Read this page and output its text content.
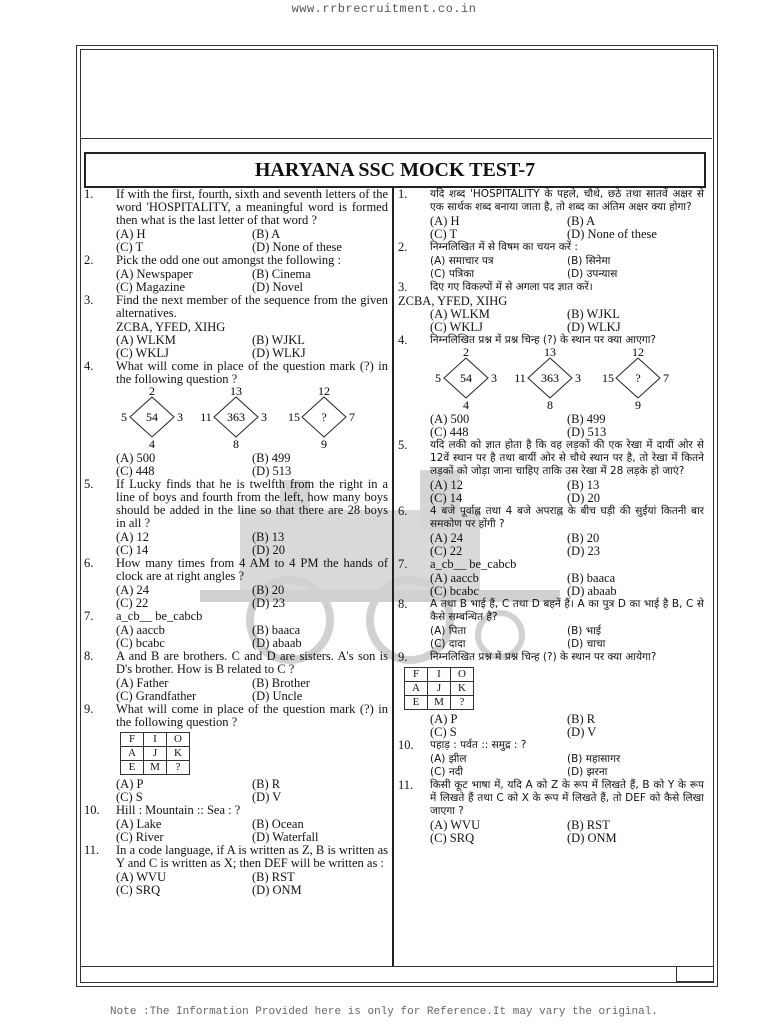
www.rrbrecruitment.co.in
HARYANA SSC MOCK TEST-7
1.	If with the first, fourth, sixth and seventh letters of the word 'HOSPITALITY, a meaningful word is formed then what is the last letter of that word ?
(A) H	(B) A
(C) T	(D) None of these
2.	Pick the odd one out amongst the following :
(A) Newspaper	(B) Cinema
(C) Magazine	(D) Novel
3.	Find the next member of the sequence from the given alternatives.
ZCBA, YFED, XIHG
(A) WLKM	(B) WJKL
(C) WKLJ	(D) WLKJ
4.	What will come in place of the question mark (?) in the following question ?
2
5 54 3
4
13
11 363 3
8
12
15 ? 7
9
(A) 500	(B) 499
(C) 448	(D) 513
5.	If Lucky finds that he is twelfth from the right in a line of boys and fourth from the left, how many boys should be added in the line so that there are 28 boys in all ?
(A) 12	(B) 13
(C) 14	(D) 20
6.	How many times from 4 AM to 4 PM the hands of clock are at right angles ?
(A) 24	(B) 20
(C) 22	(D) 23
7.	a_cb__ be_cabcb
(A) aaccb	(B) baaca
(C) bcabc	(D) abaab
8.	A and B are brothers. C and D are sisters. A's son is D's brother. How is B related to C ?
(A) Father	(B) Brother
(C) Grandfather	(D) Uncle
9.	What will come in place of the question mark (?) in the following question ?
F	I	O
A	J	K
E	M	?
(A) P	(B) R
(C) S	(D) V
10.	Hill : Mountain :: Sea : ?
(A) Lake	(B) Ocean
(C) River	(D) Waterfall
11.	In a code language, if A is written as Z, B is written as Y and C is written as X; then DEF will be written as :
(A) WVU	(B) RST
(C) SRQ	(D) ONM
1.	यदि शब्द 'HOSPITALITY के पहले, चौथे, छठे तथा सातवें अक्षर से एक सार्थक शब्द बनाया जाता है, तो शब्द का अंतिम अक्षर क्या होगा?
(A) H	(B) A
(C) T	(D) None of these
2.	निम्नलिखित में से विषम का चयन करें :
(A) समाचार पत्र	(B) सिनेमा
(C) पत्रिका	(D) उपन्यास
3.	दिए गए विकल्पों में से अगला पद ज्ञात करें।
ZCBA, YFED, XIHG
(A) WLKM	(B) WJKL
(C) WKLJ	(D) WLKJ
4.	निम्नलिखित प्रश्न में प्रश्न चिन्ह (?) के स्थान पर क्या आएगा?
2
5 54 3
4
13
11 363 3
8
12
15 ? 7
9
(A) 500	(B) 499
(C) 448	(D) 513
5.	यदि लकी को ज्ञात होता है कि वह लड़कों की एक रेखा में दायीं ओर से 12वें स्थान पर है तथा बायीं ओर से चौथे स्थान पर है, तो रेखा में कितने लड़कों को जोड़ा जाना चाहिए ताकि उस रेखा में 28 लड़के हो जाएं?
(A) 12	(B) 13
(C) 14	(D) 20
6.	4 बजे पूर्वाह्न तथा 4 बजे अपराह्न के बीच घड़ी की सुईयां कितनी बार समकोण पर होंगी ?
(A) 24	(B) 20
(C) 22	(D) 23
7.	a_cb__ be_cabcb
(A) aaccb	(B) baaca
(C) bcabc	(D) abaab
8.	A तथा B भाई हैं, C तथा D बहनें हैं। A का पुत्र D का भाई है B, C से कैसे सम्बन्धित है?
(A) पिता	(B) भाई
(C) दादा	(D) चाचा
9.	निम्नलिखित प्रश्न में प्रश्न चिन्ह (?) के स्थान पर क्या आयेगा?
F	I	O
A	J	K
E	M	?
(A) P	(B) R
(C) S	(D) V
10.	पहाड़ : पर्वत :: समुद्र : ?
(A) झील	(B) महासागर
(C) नदी	(D) झरना
11.	किसी कूट भाषा में, यदि A को Z के रूप में लिखते हैं, B को Y के रूप में लिखते हैं तथा C को X के रूप में लिखते हैं, तो DEF को कैसे लिखा जाएगा ?
(A) WVU	(B) RST
(C) SRQ	(D) ONM
Note :The Information Provided here is only for Reference.It may vary the original.
